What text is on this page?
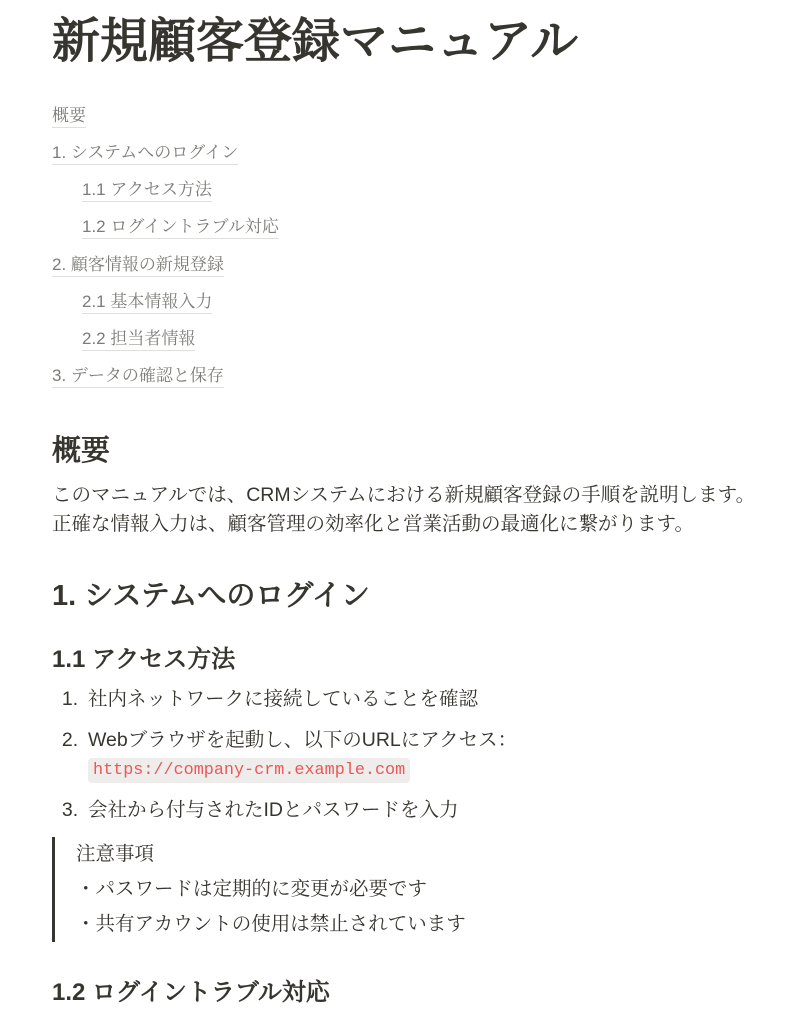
新規顧客登録マニュアル
概要
1. システムへのログイン
1.1 アクセス方法
1.2 ログイントラブル対応
2. 顧客情報の新規登録
2.1 基本情報入力
2.2 担当者情報
3. データの確認と保存
概要
このマニュアルでは、CRMシステムにおける新規顧客登録の手順を説明します。
正確な情報入力は、顧客管理の効率化と営業活動の最適化に繋がります。
1. システムへのログイン
1.1 アクセス方法
1. 社内ネットワークに接続していることを確認
2. Webブラウザを起動し、以下のURLにアクセス：
https://company-crm.example.com
3. 会社から付与されたIDとパスワードを入力
注意事項
・パスワードは定期的に変更が必要です
・共有アカウントの使用は禁止されています
1.2 ログイントラブル対応
